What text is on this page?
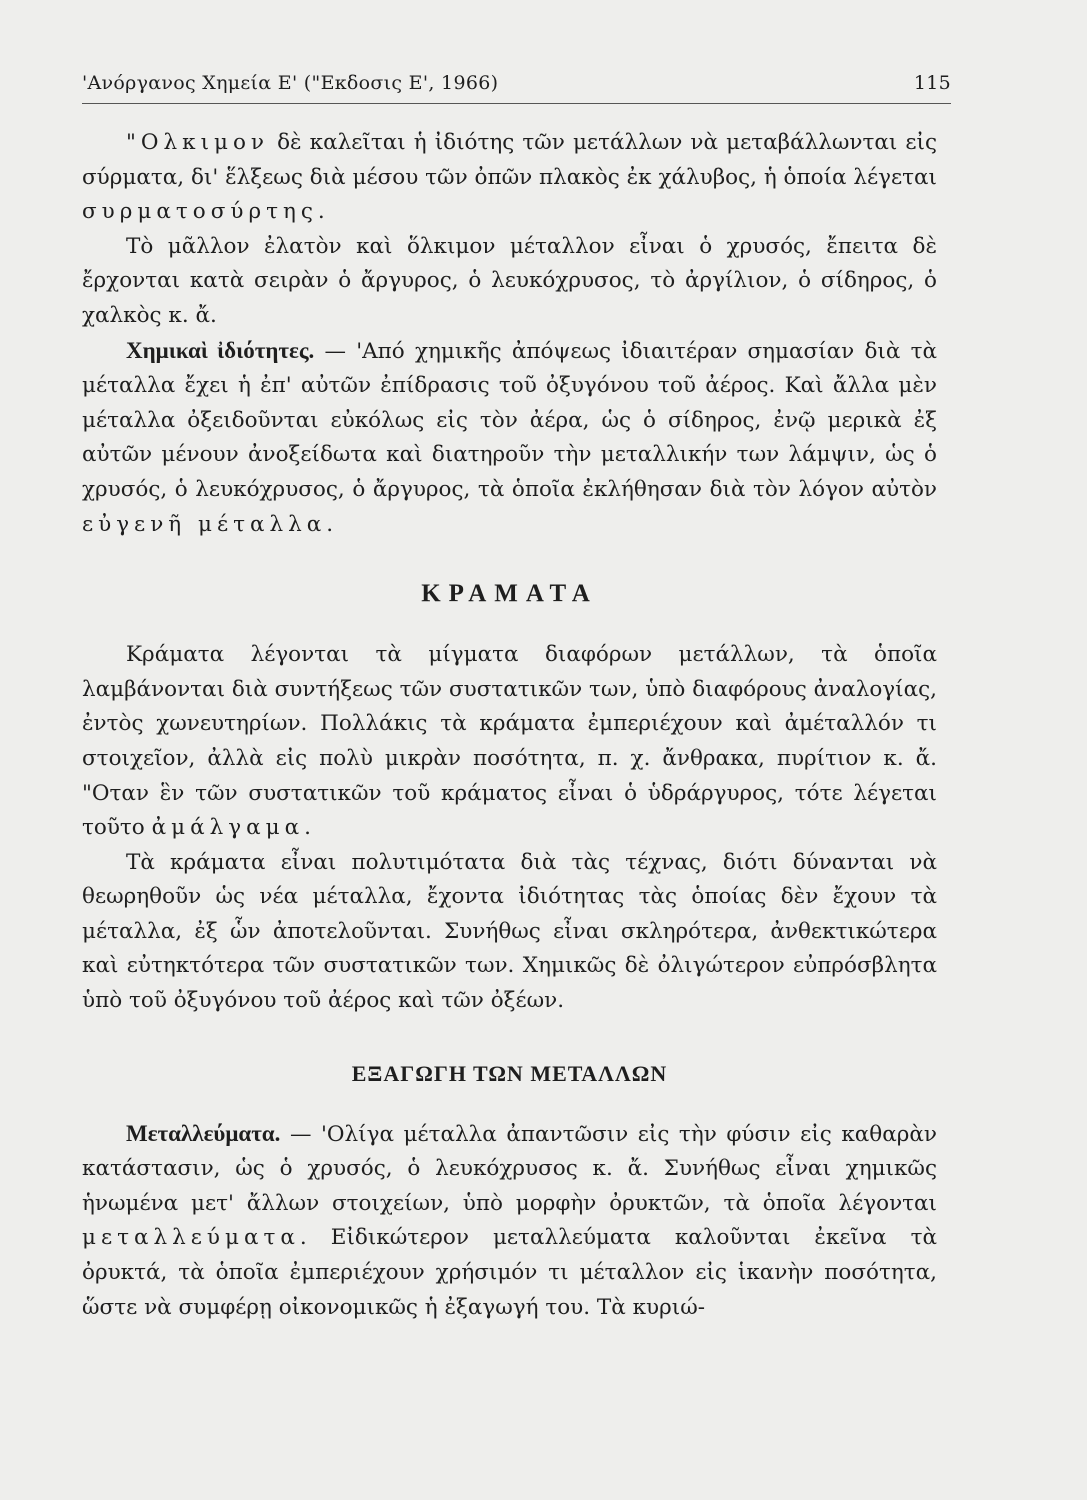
'Ανόργανος Χημεία Ε' ("Εκδοσις Ε', 1966)	115

"Ολκιμον δὲ καλεῖται ἡ ἰδιότης τῶν μετάλλων νὰ μεταβάλλωνται εἰς σύρματα, δι' ἕλξεως διὰ μέσου τῶν ὀπῶν πλακὸς ἐκ χάλυβος, ἡ ὁποία λέγεται συρματοσύρτης.

Τὸ μᾶλλον ἐλατὸν καὶ ὅλκιμον μέταλλον εἶναι ὁ χρυσός, ἔπειτα δὲ ἔρχονται κατὰ σειρὰν ὁ ἄργυρος, ὁ λευκόχρυσος, τὸ ἀργίλιον, ὁ σίδηρος, ὁ χαλκὸς κ. ἄ.

Χημικαὶ ἰδιότητες. — 'Από χημικῆς ἀπόψεως ἰδιαιτέραν σημασίαν διὰ τὰ μέταλλα ἔχει ἡ ἐπ' αὐτῶν ἐπίδρασις τοῦ ὀξυγόνου τοῦ ἀέρος. Καὶ ἄλλα μὲν μέταλλα ὀξειδοῦνται εὐκόλως εἰς τὸν ἀέρα, ὡς ὁ σίδηρος, ἐνῷ μερικὰ ἐξ αὐτῶν μένουν ἀνοξείδωτα καὶ διατηροῦν τὴν μεταλλικήν των λάμψιν, ὡς ὁ χρυσός, ὁ λευκόχρυσος, ὁ ἄργυρος, τὰ ὁποῖα ἐκλήθησαν διὰ τὸν λόγον αὐτὸν εὐγενῆ μέταλλα.

ΚΡΑΜΑΤΑ

Κράματα λέγονται τὰ μίγματα διαφόρων μετάλλων, τὰ ὁποῖα λαμβάνονται διὰ συντήξεως τῶν συστατικῶν των, ὑπὸ διαφόρους ἀναλογίας, ἐντὸς χωνευτηρίων. Πολλάκις τὰ κράματα ἐμπεριέχουν καὶ ἀμέταλλόν τι στοιχεῖον, ἀλλὰ εἰς πολὺ μικρὰν ποσότητα, π. χ. ἄνθρακα, πυρίτιον κ. ἄ. "Οταν ἓν τῶν συστατικῶν τοῦ κράματος εἶναι ὁ ὑδράργυρος, τότε λέγεται τοῦτο ἀμάλγαμα.

Τὰ κράματα εἶναι πολυτιμότατα διὰ τὰς τέχνας, διότι δύνανται νὰ θεωρηθοῦν ὡς νέα μέταλλα, ἔχοντα ἰδιότητας τὰς ὁποίας δὲν ἔχουν τὰ μέταλλα, ἐξ ὧν ἀποτελοῦνται. Συνήθως εἶναι σκληρότερα, ἀνθεκτικώτερα καὶ εὐτηκτότερα τῶν συστατικῶν των. Χημικῶς δὲ ὀλιγώτερον εὐπρόσβλητα ὑπὸ τοῦ ὀξυγόνου τοῦ ἀέρος καὶ τῶν ὀξέων.

ΕΞΑΓΩΓΗ ΤΩΝ ΜΕΤΑΛΛΩΝ

Μεταλλεύματα. — 'Ολίγα μέταλλα ἀπαντῶσιν εἰς τὴν φύσιν εἰς καθαρὰν κατάστασιν, ὡς ὁ χρυσός, ὁ λευκόχρυσος κ. ἄ. Συνήθως εἶναι χημικῶς ἡνωμένα μετ' ἄλλων στοιχείων, ὑπὸ μορφὴν ὀρυκτῶν, τὰ ὁποῖα λέγονται μεταλλεύματα. Εἰδικώτερον μεταλλεύματα καλοῦνται ἐκεῖνα τὰ ὀρυκτά, τὰ ὁποῖα ἐμπεριέχουν χρήσιμόν τι μέταλλον εἰς ἱκανὴν ποσότητα, ὥστε νὰ συμφέρῃ οἰκονομικῶς ἡ ἐξαγωγή του. Τὰ κυριώ-
